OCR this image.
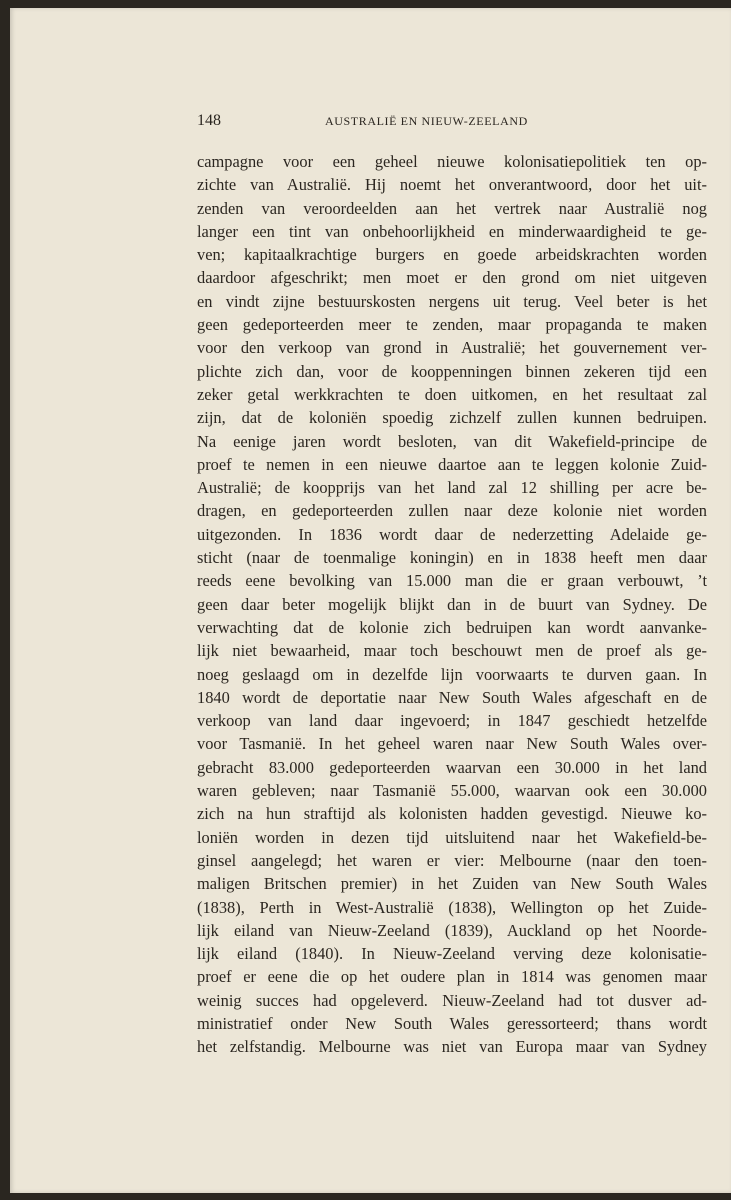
148	AUSTRALIË EN NIEUW-ZEELAND
campagne voor een geheel nieuwe kolonisatiepolitiek ten op-
zichte van Australië. Hij noemt het onverantwoord, door het uit-
zenden van veroordeelden aan het vertrek naar Australië nog
langer een tint van onbehoorlijkheid en minderwaardigheid te ge-
ven; kapitaalkrachtige burgers en goede arbeidskrachten worden
daardoor afgeschrikt; men moet er den grond om niet uitgeven
en vindt zijne bestuurskosten nergens uit terug. Veel beter is het
geen gedeporteerden meer te zenden, maar propaganda te maken
voor den verkoop van grond in Australië; het gouvernement ver-
plichte zich dan, voor de kooppenningen binnen zekeren tijd een
zeker getal werkkrachten te doen uitkomen, en het resultaat zal
zijn, dat de koloniën spoedig zichzelf zullen kunnen bedruipen.
Na eenige jaren wordt besloten, van dit Wakefield-principe de
proef te nemen in een nieuwe daartoe aan te leggen kolonie Zuid-
Australië; de koopprijs van het land zal 12 shilling per acre be-
dragen, en gedeporteerden zullen naar deze kolonie niet worden
uitgezonden. In 1836 wordt daar de nederzetting Adelaide ge-
sticht (naar de toenmalige koningin) en in 1838 heeft men daar
reeds eene bevolking van 15.000 man die er graan verbouwt, ’t
geen daar beter mogelijk blijkt dan in de buurt van Sydney. De
verwachting dat de kolonie zich bedruipen kan wordt aanvanke-
lijk niet bewaarheid, maar toch beschouwt men de proef als ge-
noeg geslaagd om in dezelfde lijn voorwaarts te durven gaan. In
1840 wordt de deportatie naar New South Wales afgeschaft en de
verkoop van land daar ingevoerd; in 1847 geschiedt hetzelfde
voor Tasmanië. In het geheel waren naar New South Wales over-
gebracht 83.000 gedeporteerden waarvan een 30.000 in het land
waren gebleven; naar Tasmanië 55.000, waarvan ook een 30.000
zich na hun straftijd als kolonisten hadden gevestigd. Nieuwe ko-
loniën worden in dezen tijd uitsluitend naar het Wakefield-be-
ginsel aangelegd; het waren er vier: Melbourne (naar den toen-
maligen Britschen premier) in het Zuiden van New South Wales
(1838), Perth in West-Australië (1838), Wellington op het Zuide-
lijk eiland van Nieuw-Zeeland (1839), Auckland op het Noorde-
lijk eiland (1840). In Nieuw-Zeeland verving deze kolonisatie-
proef er eene die op het oudere plan in 1814 was genomen maar
weinig succes had opgeleverd. Nieuw-Zeeland had tot dusver ad-
ministratief onder New South Wales geressorteerd; thans wordt
het zelfstandig. Melbourne was niet van Europa maar van Sydney
